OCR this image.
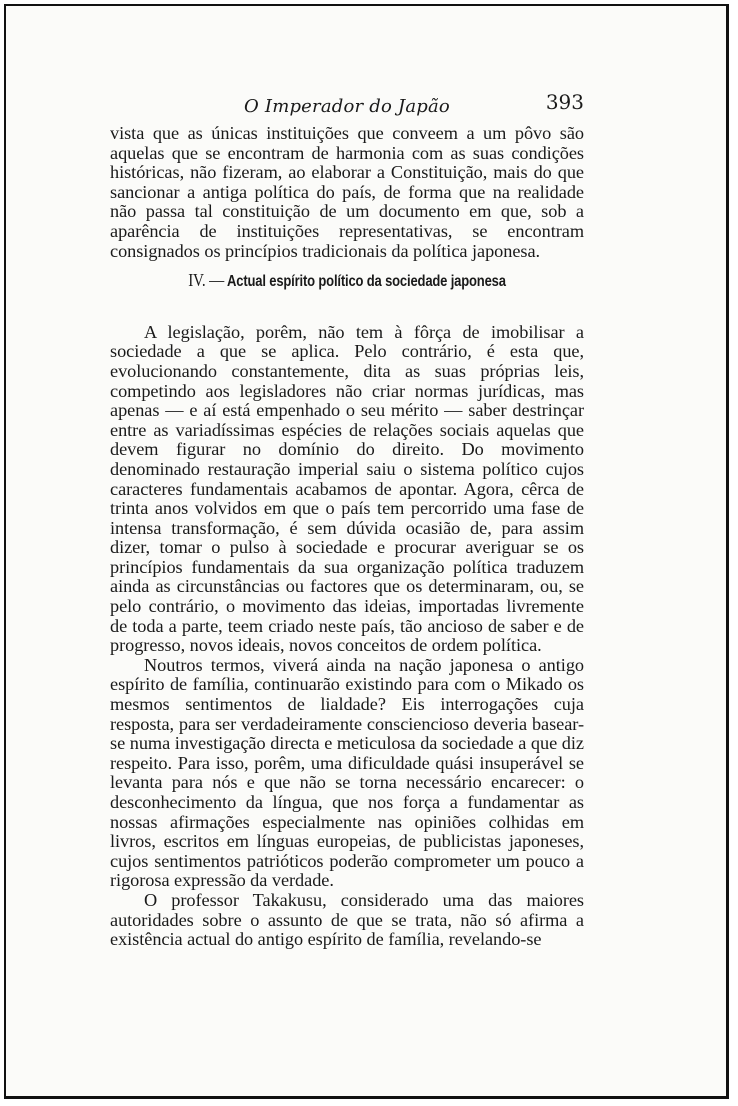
O Imperador do Japão	393

vista que as únicas instituições que conveem a um pôvo são aquelas que se encontram de harmonia com as suas condições históricas, não fizeram, ao elaborar a Constituição, mais do que sancionar a antiga política do país, de forma que na realidade não passa tal constituição de um documento em que, sob a aparência de instituições representativas, se encontram consignados os princípios tradicionais da política japonesa.

IV. — Actual espírito político da sociedade japonesa

A legislação, porêm, não tem à fôrça de imobilisar a sociedade a que se aplica. Pelo contrário, é esta que, evolucionando constantemente, dita as suas próprias leis, competindo aos legisladores não criar normas jurídicas, mas apenas — e aí está empenhado o seu mérito — saber destrinçar entre as variadíssimas espécies de relações sociais aquelas que devem figurar no domínio do direito. Do movimento denominado restauração imperial saiu o sistema político cujos caracteres fundamentais acabamos de apontar. Agora, cêrca de trinta anos volvidos em que o país tem percorrido uma fase de intensa transformação, é sem dúvida ocasião de, para assim dizer, tomar o pulso à sociedade e procurar averiguar se os princípios fundamentais da sua organização política traduzem ainda as circunstâncias ou factores que os determinaram, ou, se pelo contrário, o movimento das ideias, importadas livremente de toda a parte, teem criado neste país, tão ancioso de saber e de progresso, novos ideais, novos conceitos de ordem política.

Noutros termos, viverá ainda na nação japonesa o antigo espírito de família, continuarão existindo para com o Mikado os mesmos sentimentos de lialdade? Eis interrogações cuja resposta, para ser verdadeiramente consciencioso deveria basear-se numa investigação directa e meticulosa da sociedade a que diz respeito. Para isso, porêm, uma dificuldade quási insuperável se levanta para nós e que não se torna necessário encarecer: o desconhecimento da língua, que nos força a fundamentar as nossas afirmações especialmente nas opiniões colhidas em livros, escritos em línguas europeias, de publicistas japoneses, cujos sentimentos patrióticos poderão comprometer um pouco a rigorosa expressão da verdade.

O professor Takakusu, considerado uma das maiores autoridades sobre o assunto de que se trata, não só afirma a existência actual do antigo espírito de família, revelando-se
